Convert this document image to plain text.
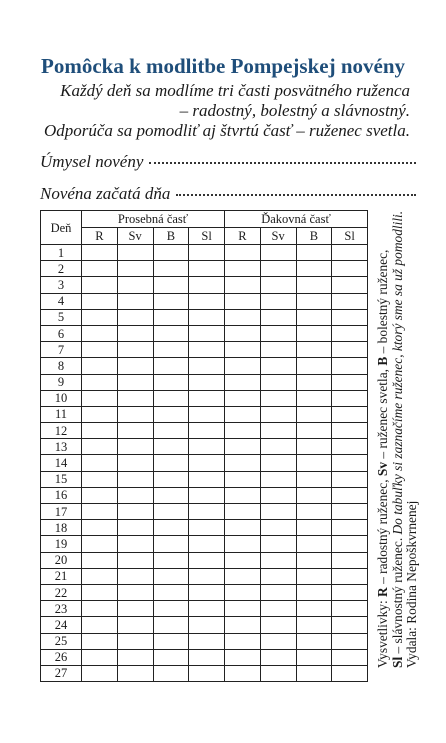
Pomôcka k modlitbe Pompejskej novény
Každý deň sa modlíme tri časti posvätného ruženca
– radostný, bolestný a slávnostný.
Odporúča sa pomodliť aj štvrtú časť – ruženec svetla.
Úmysel novény
Novéna začatá dňa
Deň	Prosebná časť				Ďakovná časť			
	R	Sv	B	Sl	R	Sv	B	Sl
1								
2								
3								
4								
5								
6								
7								
8								
9								
10								
11								
12								
13								
14								
15								
16								
17								
18								
19								
20								
21								
22								
23								
24								
25								
26								
27								
Vysvetlivky: R – radostný ruženec, Sv – ruženec svetla, B – bolestný ruženec,
Sl – slávnostný ruženec. Do tabuľky si zaznačíme ruženec, ktorý sme sa už pomodlili.
Vydala: Rodina Nepoškvrnenej
